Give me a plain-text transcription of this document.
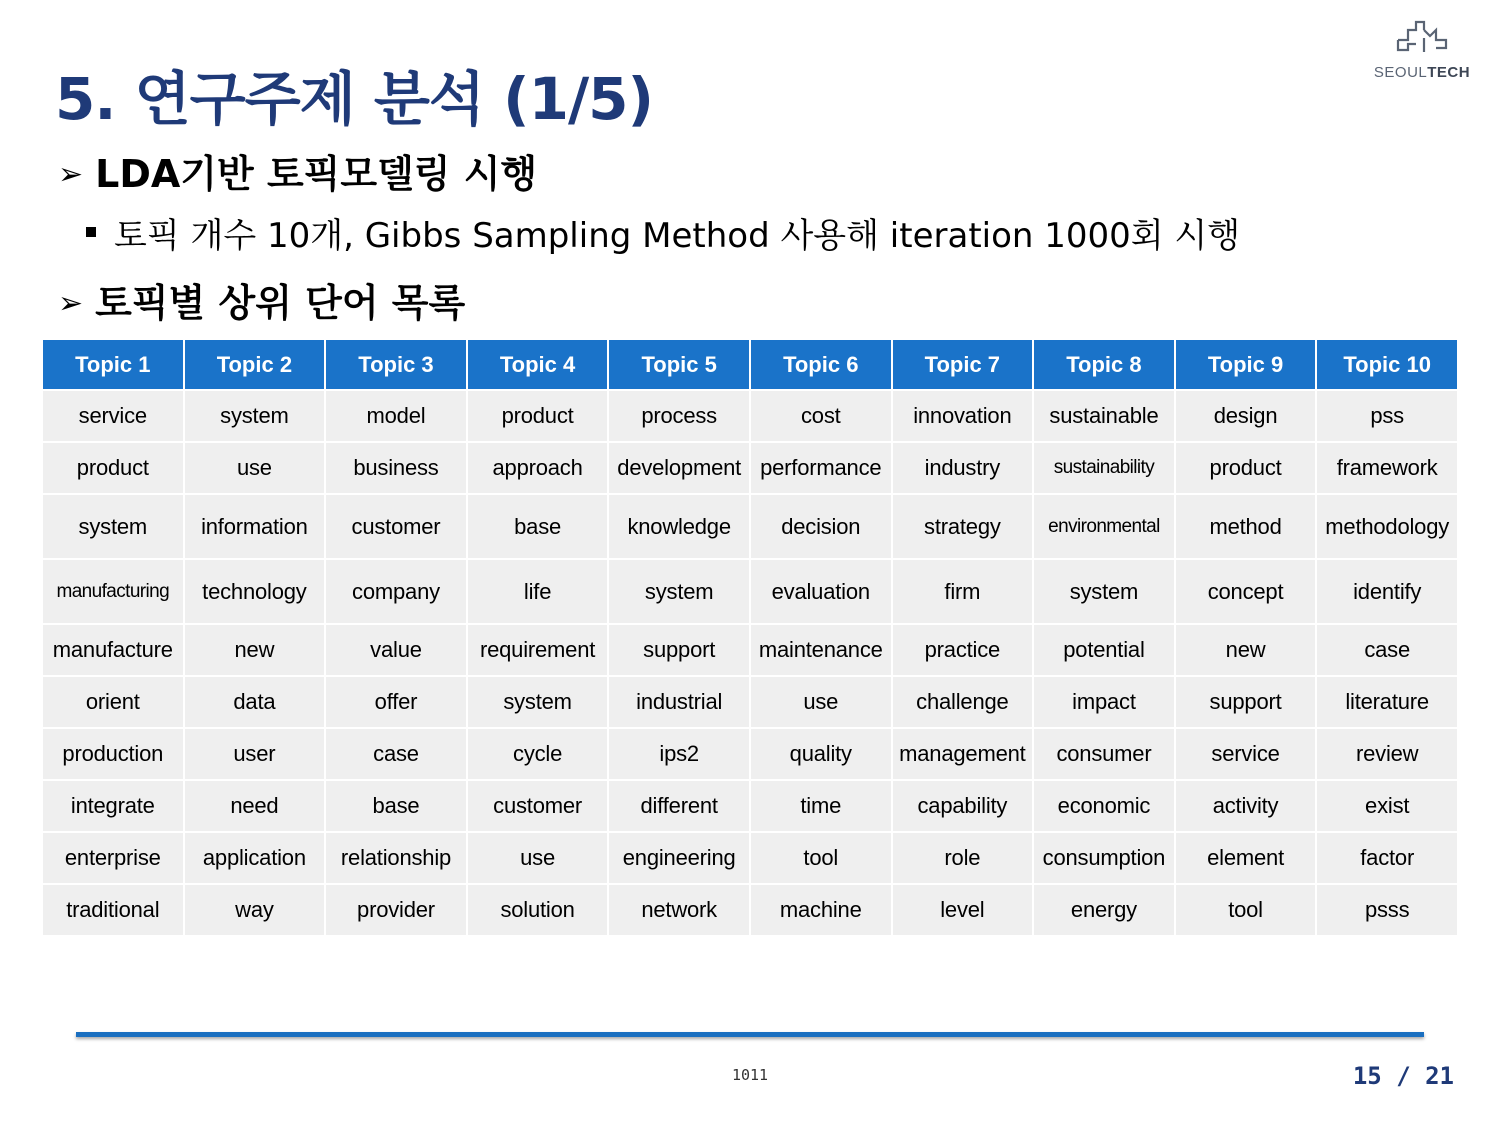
5. 연구주제 분석 (1/5)	SEOULTECH
➢ LDA기반 토픽모델링 시행
토픽 개수 10개, Gibbs Sampling Method 사용해 iteration 1000회 시행
➢ 토픽별 상위 단어 목록
Topic 1	Topic 2	Topic 3	Topic 4	Topic 5	Topic 6	Topic 7	Topic 8	Topic 9	Topic 10
service	system	model	product	process	cost	innovation	sustainable	design	pss
product	use	business	approach	development	performance	industry	sustainability	product	framework
system	information	customer	base	knowledge	decision	strategy	environmental	method	methodology
manufacturing	technology	company	life	system	evaluation	firm	system	concept	identify
manufacture	new	value	requirement	support	maintenance	practice	potential	new	case
orient	data	offer	system	industrial	use	challenge	impact	support	literature
production	user	case	cycle	ips2	quality	management	consumer	service	review
integrate	need	base	customer	different	time	capability	economic	activity	exist
enterprise	application	relationship	use	engineering	tool	role	consumption	element	factor
traditional	way	provider	solution	network	machine	level	energy	tool	psss
1011	15 / 21
